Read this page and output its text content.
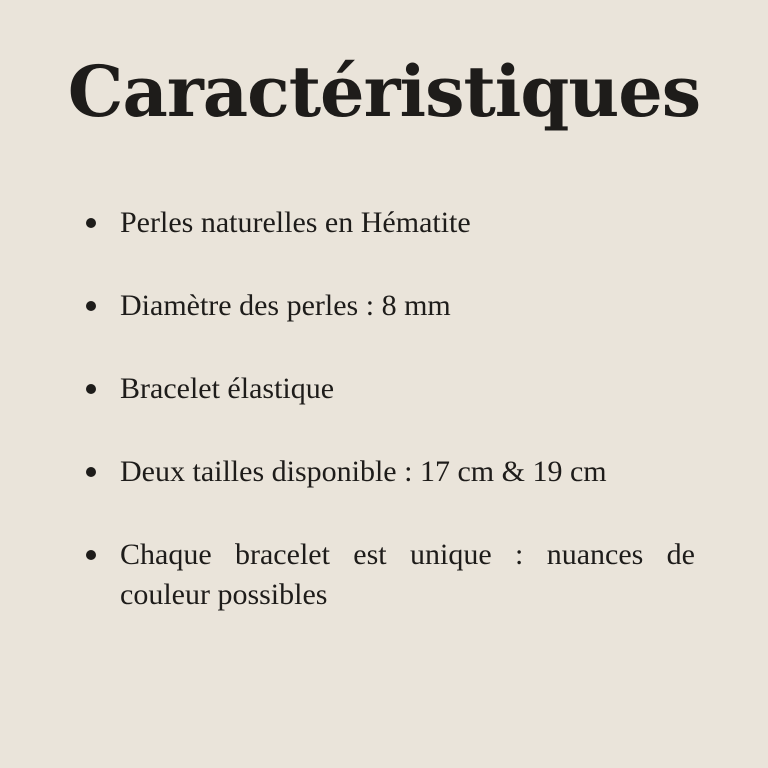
Caractéristiques
Perles naturelles en Hématite
Diamètre des perles : 8 mm
Bracelet élastique
Deux tailles disponible : 17 cm & 19 cm
Chaque bracelet est unique : nuances de couleur possibles
